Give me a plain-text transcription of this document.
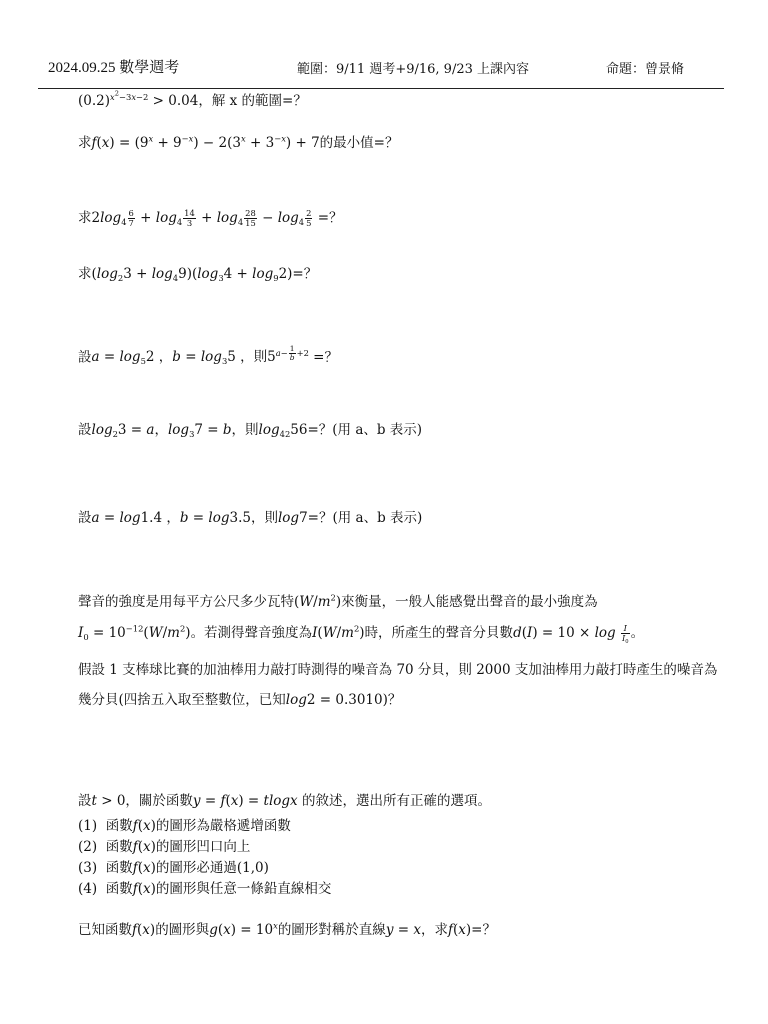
2024.09.25 數學週考	範圍：9/11 週考+9/16, 9/23 上課內容	命題：曾景脩
$(0.2)^{x^2-3x-2} > 0.04$，解 x 的範圍=？
求$f(x) = (9^x + 9^{-x}) - 2(3^x + 3^{-x}) + 7$的最小值=？
求$2\log_4 \frac{6}{7} + \log_4 \frac{14}{3} + \log_4 \frac{28}{15} - \log_4 \frac{2}{5}$ =？
求$(\log_23 + \log_49)(\log_34 + \log_92)=$？
設$a = \log_52$ ，$b = \log_35$ ，則$5^{a- \frac{1}{b} +2}$ =？
設$\log_23 = a$，$\log_37 = b$，則$\log_{42}56=$？(用 a、b 表示)
設a = log1.4 ，b = log3.5，則log7=？(用 a、b 表示)
聲音的強度是用每平方公尺多少瓦特$(W/m^2)$來衡量，一般人能感覺出聲音的最小強度為
$I_0 = 10^{-12}(W/m^2)$。若測得聲音強度為$I(W/m^2)$時，所產生的聲音分貝數$d(I) = 10 \times \log \frac{I}{I_0}$ 。
假設 1 支棒球比賽的加油棒用力敲打時測得的噪音為 70 分貝，則 2000 支加油棒用力敲打時產生的噪音為幾分貝(四捨五入取至整數位，已知log2 = 0.3010)？
設t > 0，關於函數y = f(x) = tlogx 的敘述，選出所有正確的選項。
(1) 函數f(x)的圖形為嚴格遞增函數
(2) 函數f(x)的圖形凹口向上
(3) 函數f(x)的圖形必通過(1,0)
(4) 函數f(x)的圖形與任意一條鉛直線相交
已知函數f(x)的圖形與$g(x) = 10^x$的圖形對稱於直線y = x，求f(x)=？
